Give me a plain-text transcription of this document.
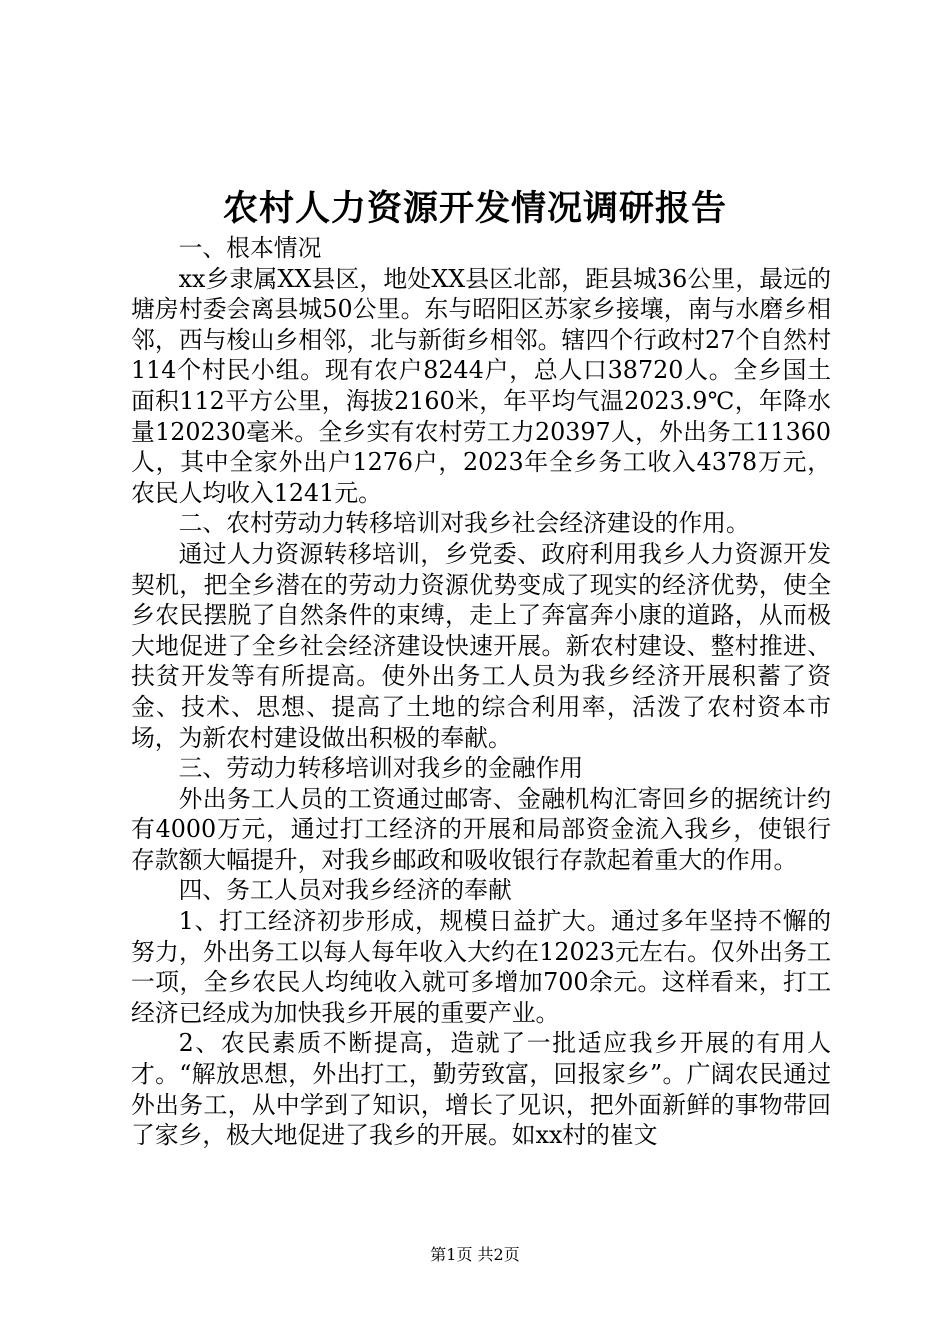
农村人力资源开发情况调研报告

一、根本情况

xx乡隶属XX县区，地处XX县区北部，距县城36公里，最远的塘房村委会离县城50公里。东与昭阳区苏家乡接壤，南与水磨乡相邻，西与梭山乡相邻，北与新街乡相邻。辖四个行政村27个自然村114个村民小组。现有农户8244户，总人口38720人。全乡国土面积112平方公里，海拔2160米，年平均气温2023.9℃，年降水量120230毫米。全乡实有农村劳工力20397人，外出务工11360人，其中全家外出户1276户，2023年全乡务工收入4378万元，农民人均收入1241元。

二、农村劳动力转移培训对我乡社会经济建设的作用。

通过人力资源转移培训，乡党委、政府利用我乡人力资源开发契机，把全乡潜在的劳动力资源优势变成了现实的经济优势，使全乡农民摆脱了自然条件的束缚，走上了奔富奔小康的道路，从而极大地促进了全乡社会经济建设快速开展。新农村建设、整村推进、扶贫开发等有所提高。使外出务工人员为我乡经济开展积蓄了资金、技术、思想、提高了土地的综合利用率，活泼了农村资本市场，为新农村建设做出积极的奉献。

三、劳动力转移培训对我乡的金融作用

外出务工人员的工资通过邮寄、金融机构汇寄回乡的据统计约有4000万元，通过打工经济的开展和局部资金流入我乡，使银行存款额大幅提升，对我乡邮政和吸收银行存款起着重大的作用。

四、务工人员对我乡经济的奉献

1、打工经济初步形成，规模日益扩大。通过多年坚持不懈的努力，外出务工以每人每年收入大约在12023元左右。仅外出务工一项，全乡农民人均纯收入就可多增加700余元。这样看来，打工经济已经成为加快我乡开展的重要产业。

2、农民素质不断提高，造就了一批适应我乡开展的有用人才。“解放思想，外出打工，勤劳致富，回报家乡”。广阔农民通过外出务工，从中学到了知识，增长了见识，把外面新鲜的事物带回了家乡，极大地促进了我乡的开展。如xx村的崔文

第1页 共2页
